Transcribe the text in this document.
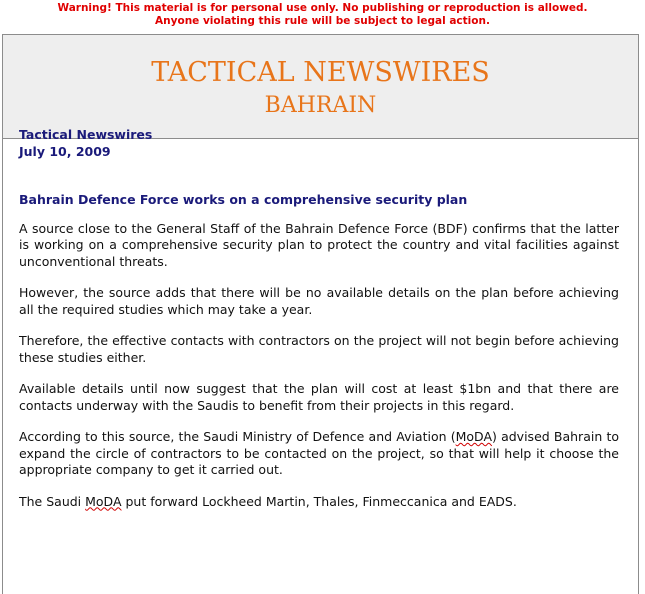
Warning! This material is for personal use only. No publishing or reproduction is allowed.
Anyone violating this rule will be subject to legal action.
TACTICAL NEWSWIRES
BAHRAIN
Tactical Newswires
July 10, 2009
Bahrain Defence Force works on a comprehensive security plan

A source close to the General Staff of the Bahrain Defence Force (BDF) confirms that the latter is working on a comprehensive security plan to protect the country and vital facilities against unconventional threats.

However, the source adds that there will be no available details on the plan before achieving all the required studies which may take a year.

Therefore, the effective contacts with contractors on the project will not begin before achieving these studies either.

Available details until now suggest that the plan will cost at least $1bn and that there are contacts underway with the Saudis to benefit from their projects in this regard.

According to this source, the Saudi Ministry of Defence and Aviation (MoDA) advised Bahrain to expand the circle of contractors to be contacted on the project, so that will help it choose the appropriate company to get it carried out.

The Saudi MoDA put forward Lockheed Martin, Thales, Finmeccanica and EADS.
